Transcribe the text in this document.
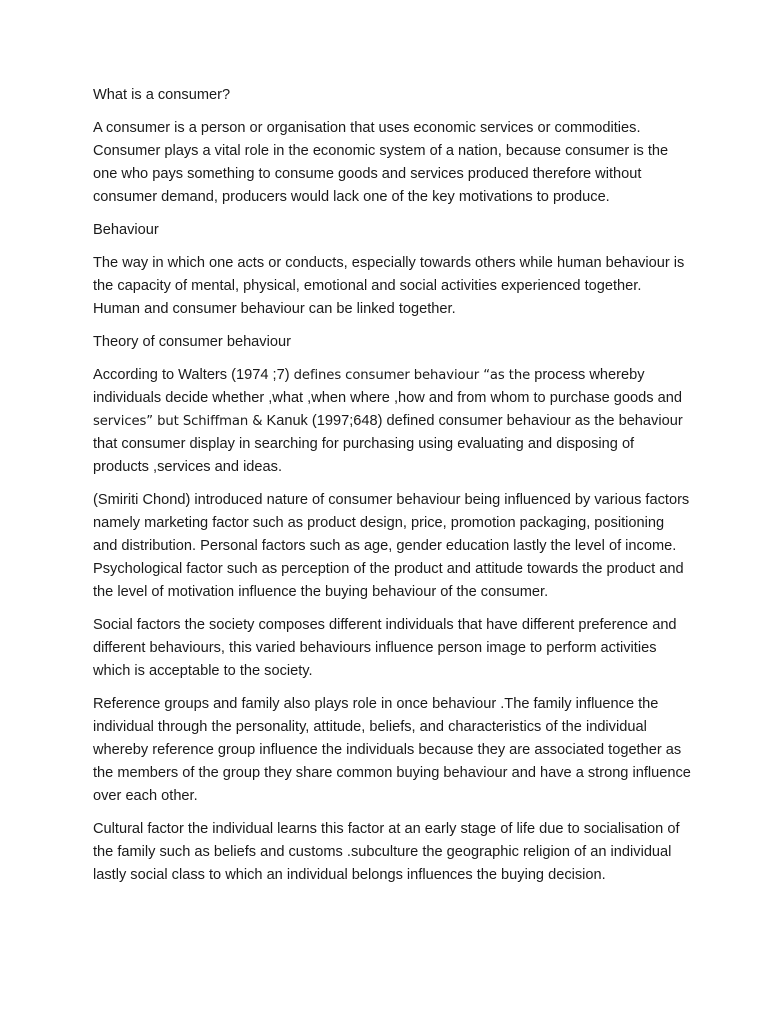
What is a consumer?

A consumer is a person or organisation that uses economic services or commodities.
Consumer plays a vital role in the economic system of a nation, because consumer is the
one who pays something to consume goods and services produced therefore without
consumer demand, producers would lack one of the key motivations to produce.

Behaviour

The way in which one acts or conducts, especially towards others while human behaviour is
the capacity of mental, physical, emotional and social activities experienced together.
Human and consumer behaviour can be linked together.

Theory of consumer behaviour

According to Walters (1974 ;7) defines consumer behaviour “as the process whereby
individuals decide whether ,what ,when where ,how and from whom to purchase goods and
services” but Schiffman & Kanuk (1997;648) defined consumer behaviour as the behaviour
that consumer display in searching for purchasing using evaluating and disposing of
products ,services and ideas.

(Smiriti Chond) introduced nature of consumer behaviour being influenced by various factors
namely marketing factor such as product design, price, promotion packaging, positioning
and distribution. Personal factors such as age, gender education lastly the level of income.
Psychological factor such as perception of the product and attitude towards the product and
the level of motivation influence the buying behaviour of the consumer.

Social factors the society composes different individuals that have different preference and
different behaviours, this varied behaviours influence person image to perform activities
which is acceptable to the society.

Reference groups and family also plays role in once behaviour .The family influence the
individual through the personality, attitude, beliefs, and characteristics of the individual
whereby reference group influence the individuals because they are associated together as
the members of the group they share common buying behaviour and have a strong influence
over each other.

Cultural factor the individual learns this factor at an early stage of life due to socialisation of
the family such as beliefs and customs .subculture the geographic religion of an individual
lastly social class to which an individual belongs influences the buying decision.
